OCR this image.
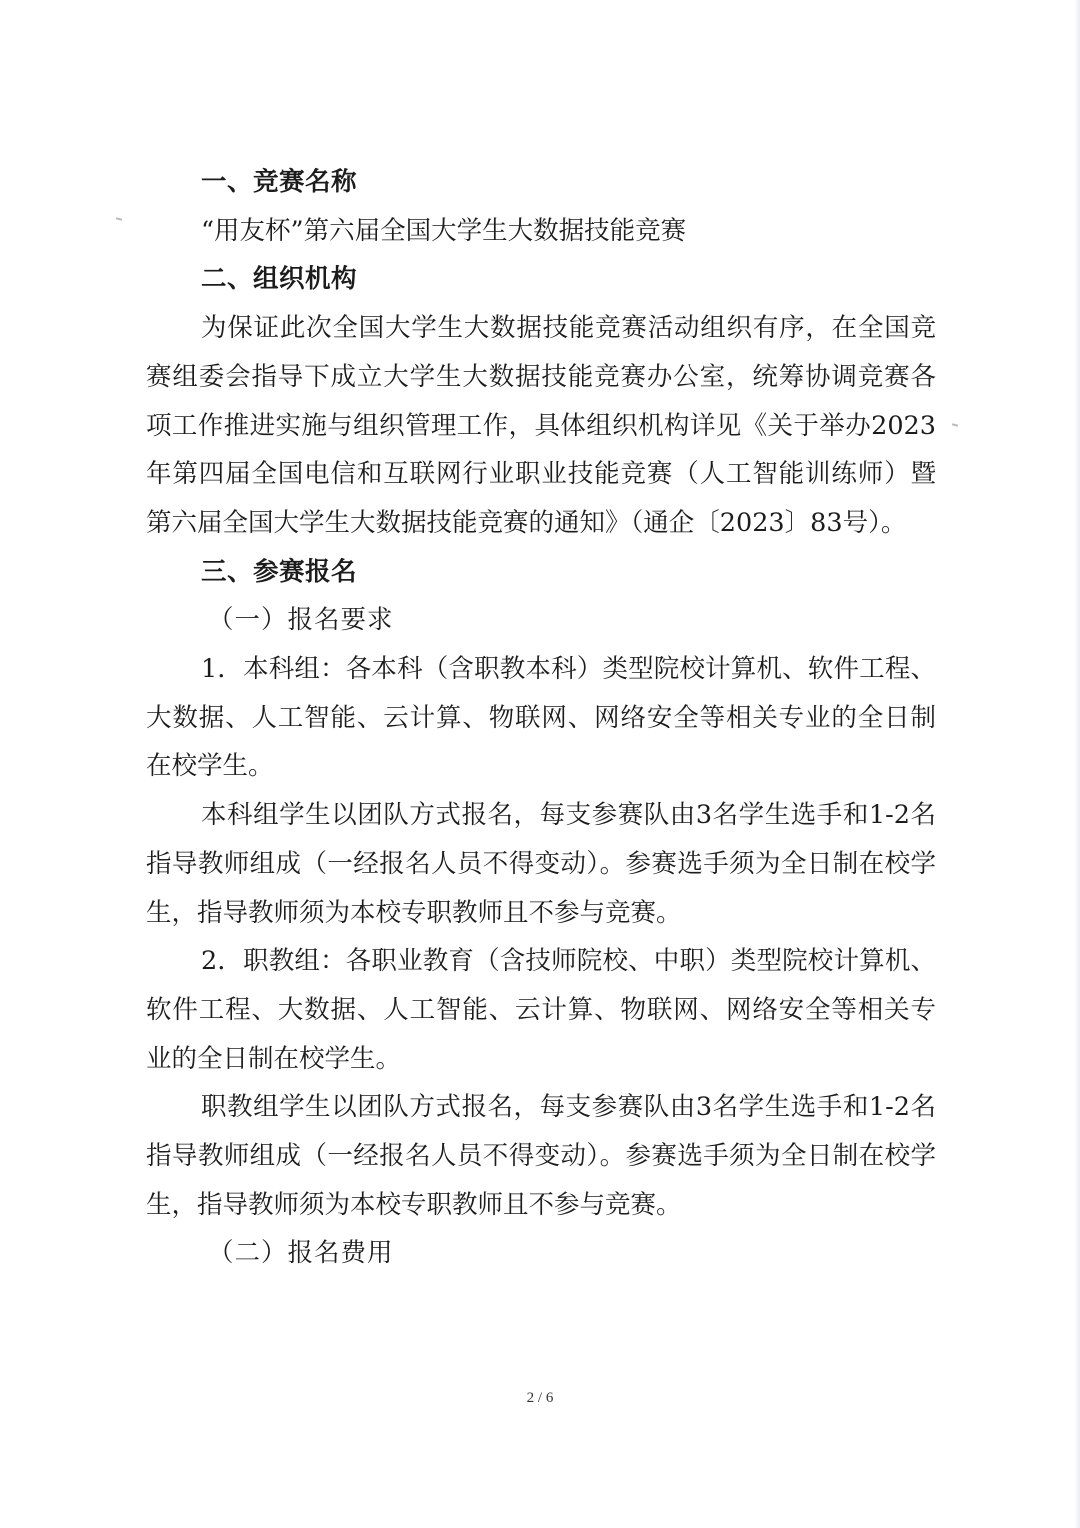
一、竞赛名称

“用友杯”第六届全国大学生大数据技能竞赛

二、组织机构

为保证此次全国大学生大数据技能竞赛活动组织有序，在全国竞赛组委会指导下成立大学生大数据技能竞赛办公室，统筹协调竞赛各项工作推进实施与组织管理工作，具体组织机构详见《关于举办2023年第四届全国电信和互联网行业职业技能竞赛（人工智能训练师）暨第六届全国大学生大数据技能竞赛的通知》（通企〔2023〕83号）。

三、参赛报名

（一）报名要求

1．本科组：各本科（含职教本科）类型院校计算机、软件工程、大数据、人工智能、云计算、物联网、网络安全等相关专业的全日制在校学生。

本科组学生以团队方式报名，每支参赛队由3名学生选手和1-2名指导教师组成（一经报名人员不得变动）。参赛选手须为全日制在校学生，指导教师须为本校专职教师且不参与竞赛。

2．职教组：各职业教育（含技师院校、中职）类型院校计算机、软件工程、大数据、人工智能、云计算、物联网、网络安全等相关专业的全日制在校学生。

职教组学生以团队方式报名，每支参赛队由3名学生选手和1-2名指导教师组成（一经报名人员不得变动）。参赛选手须为全日制在校学生，指导教师须为本校专职教师且不参与竞赛。

（二）报名费用

2 / 6
